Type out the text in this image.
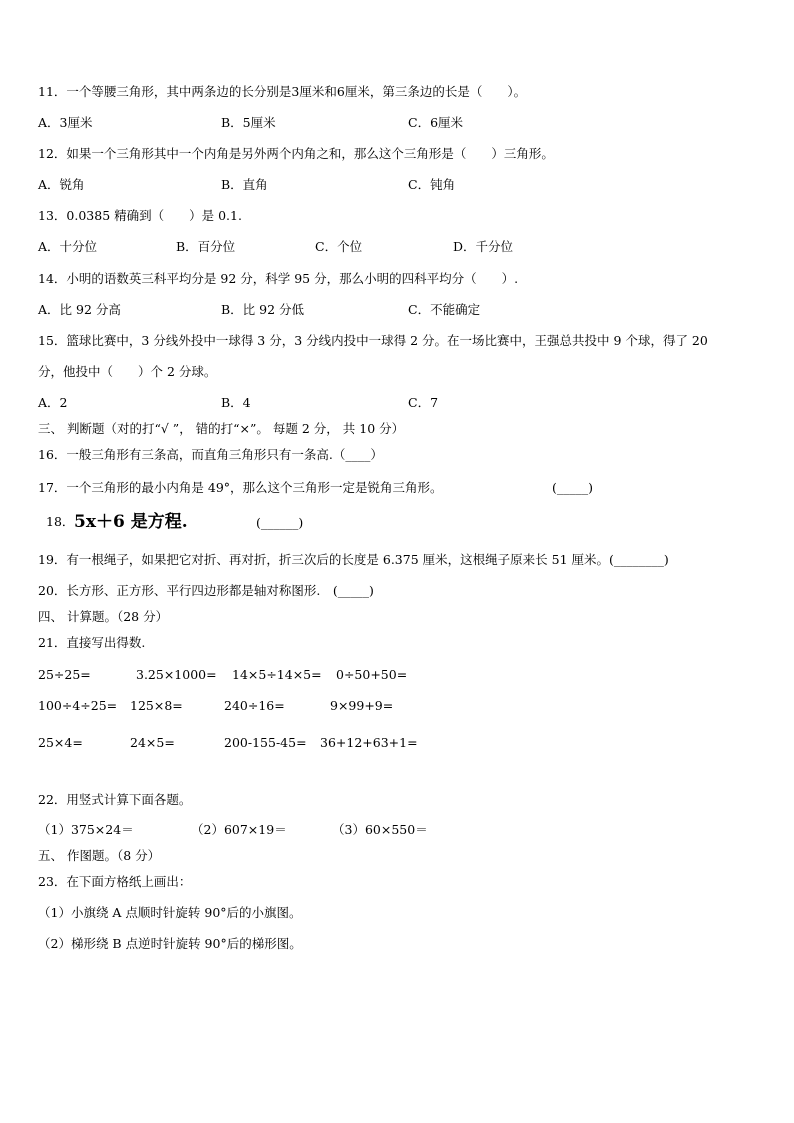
11．一个等腰三角形，其中两条边的长分别是3厘米和6厘米，第三条边的长是（　　）。
A．3厘米	B．5厘米	C．6厘米
12．如果一个三角形其中一个内角是另外两个内角之和，那么这个三角形是（　　）三角形。
A．锐角	B．直角	C．钝角
13．0.0385 精确到（　　）是 0.1.
A．十分位	B．百分位	C．个位	D．千分位
14．小明的语数英三科平均分是 92 分，科学 95 分，那么小明的四科平均分（　　）.
A．比 92 分高	B．比 92 分低	C．不能确定
15．篮球比赛中，3 分线外投中一球得 3 分，3 分线内投中一球得 2 分。在一场比赛中，王强总共投中 9 个球，得了 20
分，他投中（　　）个 2 分球。
A．2	B．4	C．7
三、 判断题（对的打“√ ”， 错的打“×”。 每题 2 分， 共 10 分）
16．一般三角形有三条高，而直角三角形只有一条高.（____）
17．一个三角形的最小内角是 49°，那么这个三角形一定是锐角三角形。	(_____)
18． 5x＋6 是方程.	(______)
19．有一根绳子，如果把它对折、再对折，折三次后的长度是 6.375 厘米，这根绳子原来长 51 厘米。(________)
20．长方形、正方形、平行四边形都是轴对称图形.　(_____)
四、 计算题。（28 分）
21．直接写出得数.
25÷25=	3.25×1000= 14×5÷14×5= 0÷50+50=
100÷4÷25= 125×8=	240÷16=	9×99+9=
25×4=	24×5=	200-155-45= 36+12+63+1=
22．用竖式计算下面各题。
（1）375×24＝	（2）607×19＝	（3）60×550＝
五、 作图题。（8 分）
23．在下面方格纸上画出：
（1）小旗绕 A 点顺时针旋转 90°后的小旗图。
（2）梯形绕 B 点逆时针旋转 90°后的梯形图。
